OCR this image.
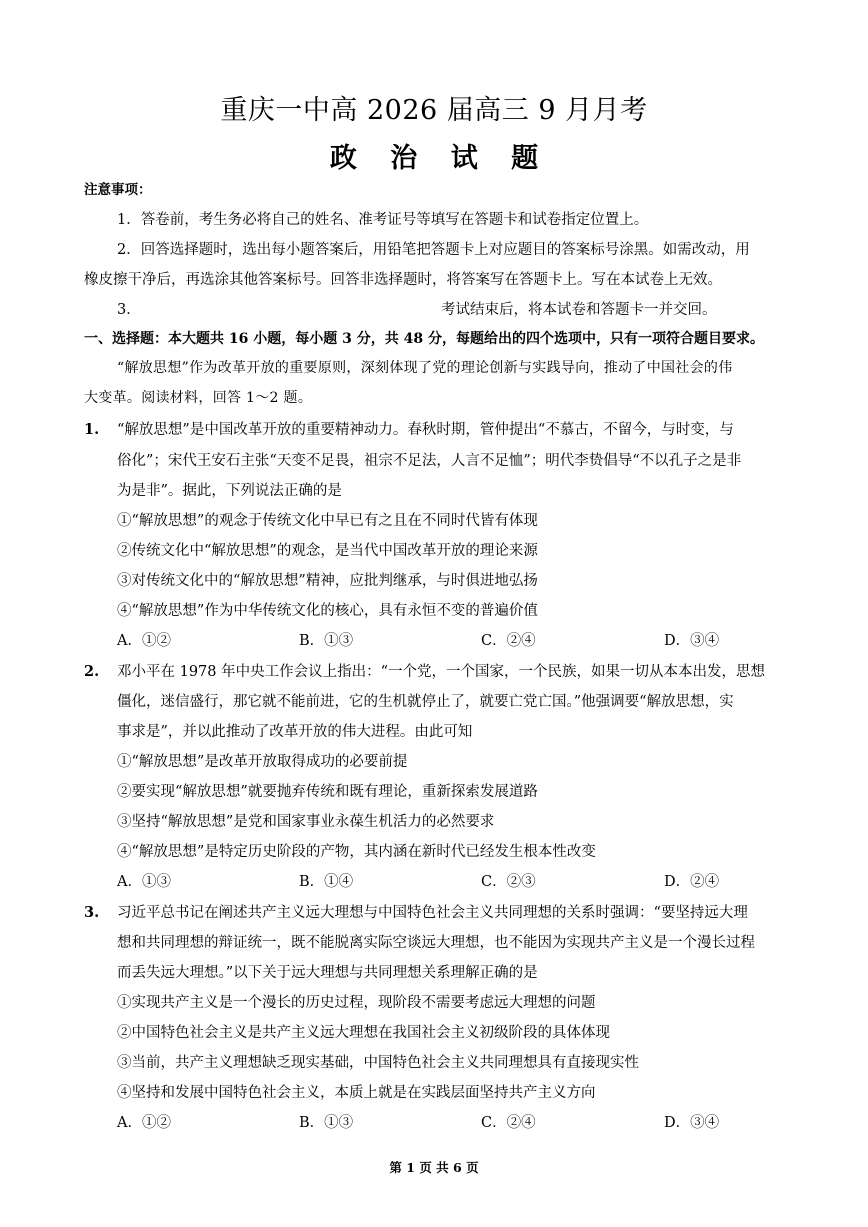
重庆一中高 2026 届高三 9 月月考
政 治 试 题
注意事项：
1．答卷前，考生务必将自己的姓名、准考证号等填写在答题卡和试卷指定位置上。
2．回答选择题时，选出每小题答案后，用铅笔把答题卡上对应题目的答案标号涂黑。如需改动，用
橡皮擦干净后，再选涂其他答案标号。回答非选择题时，将答案写在答题卡上。写在本试卷上无效。
3．	考试结束后，将本试卷和答题卡一并交回。
一、选择题：本大题共 16 小题，每小题 3 分，共 48 分，每题给出的四个选项中，只有一项符合题目要求。
“解放思想”作为改革开放的重要原则，深刻体现了党的理论创新与实践导向，推动了中国社会的伟
大变革。阅读材料，回答 1～2 题。
1. “解放思想”是中国改革开放的重要精神动力。春秋时期，管仲提出“不慕古，不留今，与时变，与
俗化”；宋代王安石主张“天变不足畏，祖宗不足法，人言不足恤”；明代李贽倡导“不以孔子之是非
为是非”。据此，下列说法正确的是
①“解放思想”的观念于传统文化中早已有之且在不同时代皆有体现
②传统文化中“解放思想”的观念，是当代中国改革开放的理论来源
③对传统文化中的“解放思想”精神，应批判继承，与时俱进地弘扬
④“解放思想”作为中华传统文化的核心，具有永恒不变的普遍价值
A．①②	B．①③	C．②④	D．③④
2. 邓小平在 1978 年中央工作会议上指出：“一个党，一个国家，一个民族，如果一切从本本出发，思想
僵化，迷信盛行，那它就不能前进，它的生机就停止了，就要亡党亡国。”他强调要“解放思想，实
事求是”，并以此推动了改革开放的伟大进程。由此可知
①“解放思想”是改革开放取得成功的必要前提
②要实现“解放思想”就要抛弃传统和既有理论，重新探索发展道路
③坚持“解放思想”是党和国家事业永葆生机活力的必然要求
④“解放思想”是特定历史阶段的产物，其内涵在新时代已经发生根本性改变
A．①③	B．①④	C．②③	D．②④
3. 习近平总书记在阐述共产主义远大理想与中国特色社会主义共同理想的关系时强调：“要坚持远大理
想和共同理想的辩证统一，既不能脱离实际空谈远大理想，也不能因为实现共产主义是一个漫长过程
而丢失远大理想。”以下关于远大理想与共同理想关系理解正确的是
①实现共产主义是一个漫长的历史过程，现阶段不需要考虑远大理想的问题
②中国特色社会主义是共产主义远大理想在我国社会主义初级阶段的具体体现
③当前，共产主义理想缺乏现实基础，中国特色社会主义共同理想具有直接现实性
④坚持和发展中国特色社会主义，本质上就是在实践层面坚持共产主义方向
A．①②	B．①③	C．②④	D．③④
第 1 页 共 6 页
